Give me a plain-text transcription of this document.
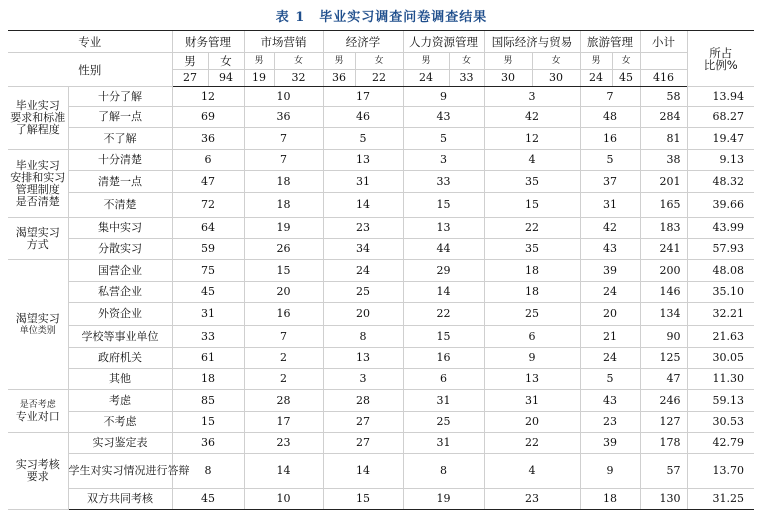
表 1 毕业实习调查问卷调查结果
专业		财务管理		市场营销		经济学		人力资源管理		国际经济与贸易		旅游管理		小计	所占
比例%
性别		男	女	男	女	男	女	男	女	男	女	男	女		
		27	94	19	32	36	22	24	33	30	30	24	45	416	

毕业实习
要求和标准
了解程度	十分了解	12		10		17		9		3		7		58	13.94
	了解一点	69		36		46		43		42		48		284	68.27
	不了解	36		7		5		5		12		16		81	19.47

毕业实习
安排和实习
管理制度
是否清楚	十分清楚	6		7		13		3		4		5		38	9.13
	清楚一点	47		18		31		33		35		37		201	48.32
	不清楚	72		18		14		15		15		31		165	39.66

渴望实习
方式	集中实习	64		19		23		13		22		42		183	43.99
	分散实习	59		26		34		44		35		43		241	57.93

渴望实习
单位类别	国营企业	75		15		24		29		18		39		200	48.08
	私营企业	45		20		25		14		18		24		146	35.10
	外资企业	31		16		20		22		25		20		134	32.21
	学校等事业单位	33		7		8		15		6		21		90	21.63
	政府机关	61		2		13		16		9		24		125	30.05
	其他	18		2		3		6		13		5		47	11.30

是否考虑
专业对口	考虑	85		28		28		31		31		43		246	59.13
	不考虑	15		17		27		25		20		23		127	30.53

实习考核
要求	实习鉴定表	36		23		27		31		22		39		178	42.79
	学生对实习情况进行答辩	8		14		14		8		4		9		57	13.70
	双方共同考核	45		10		15		19		23		18		130	31.25
